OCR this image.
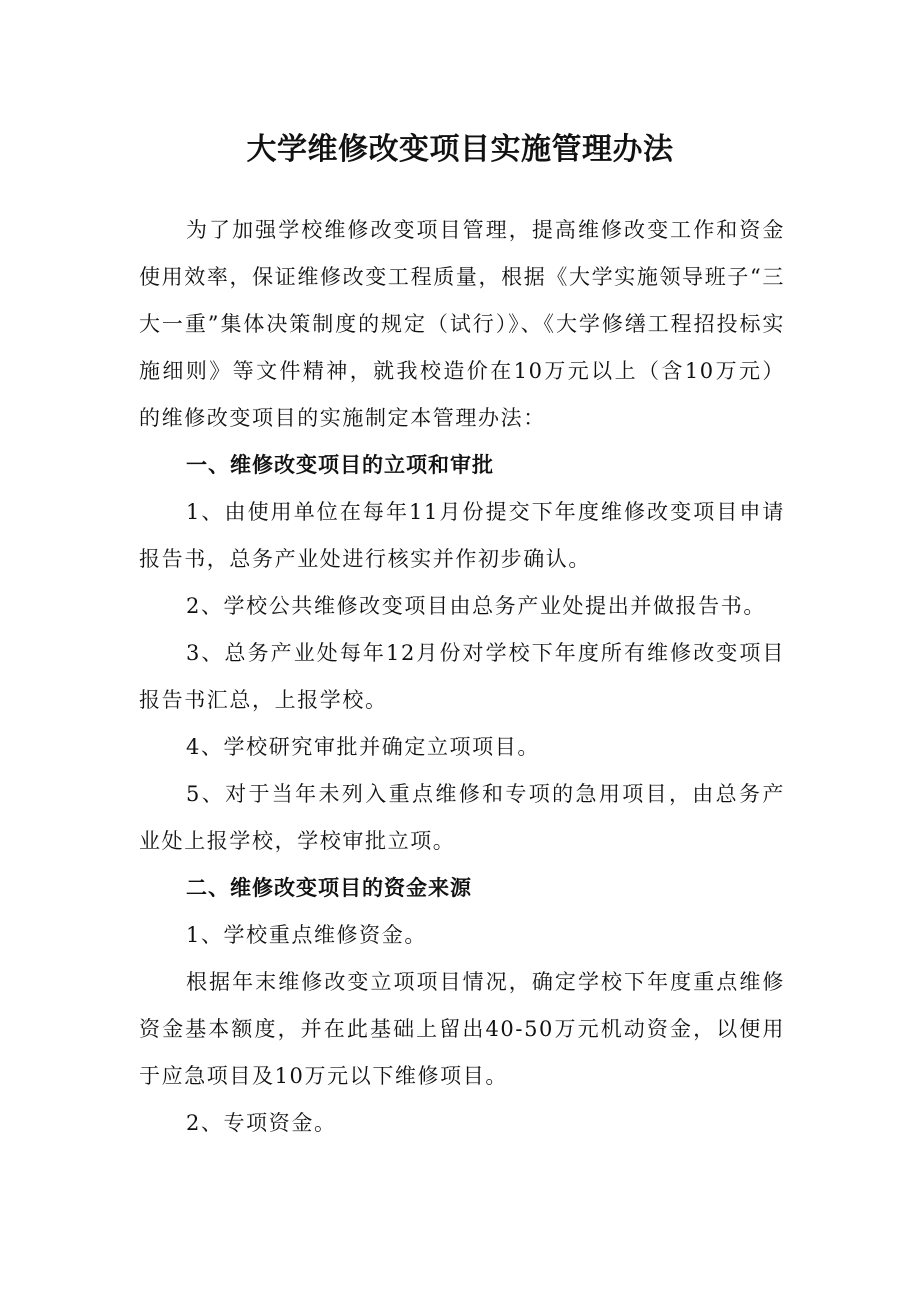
大学维修改变项目实施管理办法

为了加强学校维修改变项目管理，提高维修改变工作和资金使用效率，保证维修改变工程质量，根据《大学实施领导班子“三大一重”集体决策制度的规定（试行）》、《大学修缮工程招投标实施细则》等文件精神，就我校造价在10万元以上（含10万元）的维修改变项目的实施制定本管理办法：

一、维修改变项目的立项和审批

1、由使用单位在每年11月份提交下年度维修改变项目申请报告书，总务产业处进行核实并作初步确认。

2、学校公共维修改变项目由总务产业处提出并做报告书。

3、总务产业处每年12月份对学校下年度所有维修改变项目报告书汇总，上报学校。

4、学校研究审批并确定立项项目。

5、对于当年未列入重点维修和专项的急用项目，由总务产业处上报学校，学校审批立项。

二、维修改变项目的资金来源

1、学校重点维修资金。

根据年末维修改变立项项目情况，确定学校下年度重点维修资金基本额度，并在此基础上留出40-50万元机动资金，以便用于应急项目及10万元以下维修项目。

2、专项资金。
